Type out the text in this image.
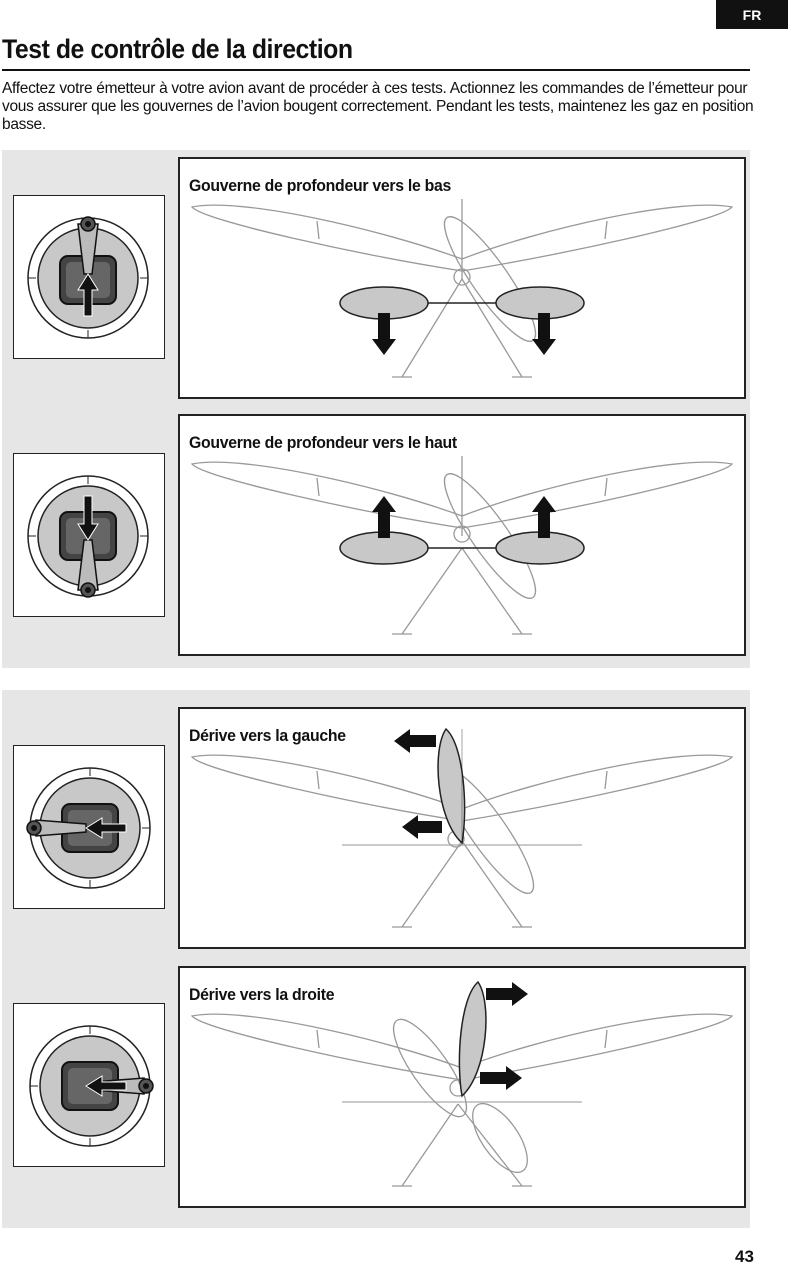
FR
Test de contrôle de la direction

Affectez votre émetteur à votre avion avant de procéder à ces tests. Actionnez les commandes de l’émetteur pour vous assurer que les gouvernes de l’avion bougent correctement. Pendant les tests, maintenez les gaz en position basse.

Gouverne de profondeur vers le bas
Gouverne de profondeur vers le haut
Dérive vers la gauche
Dérive vers la droite
43
